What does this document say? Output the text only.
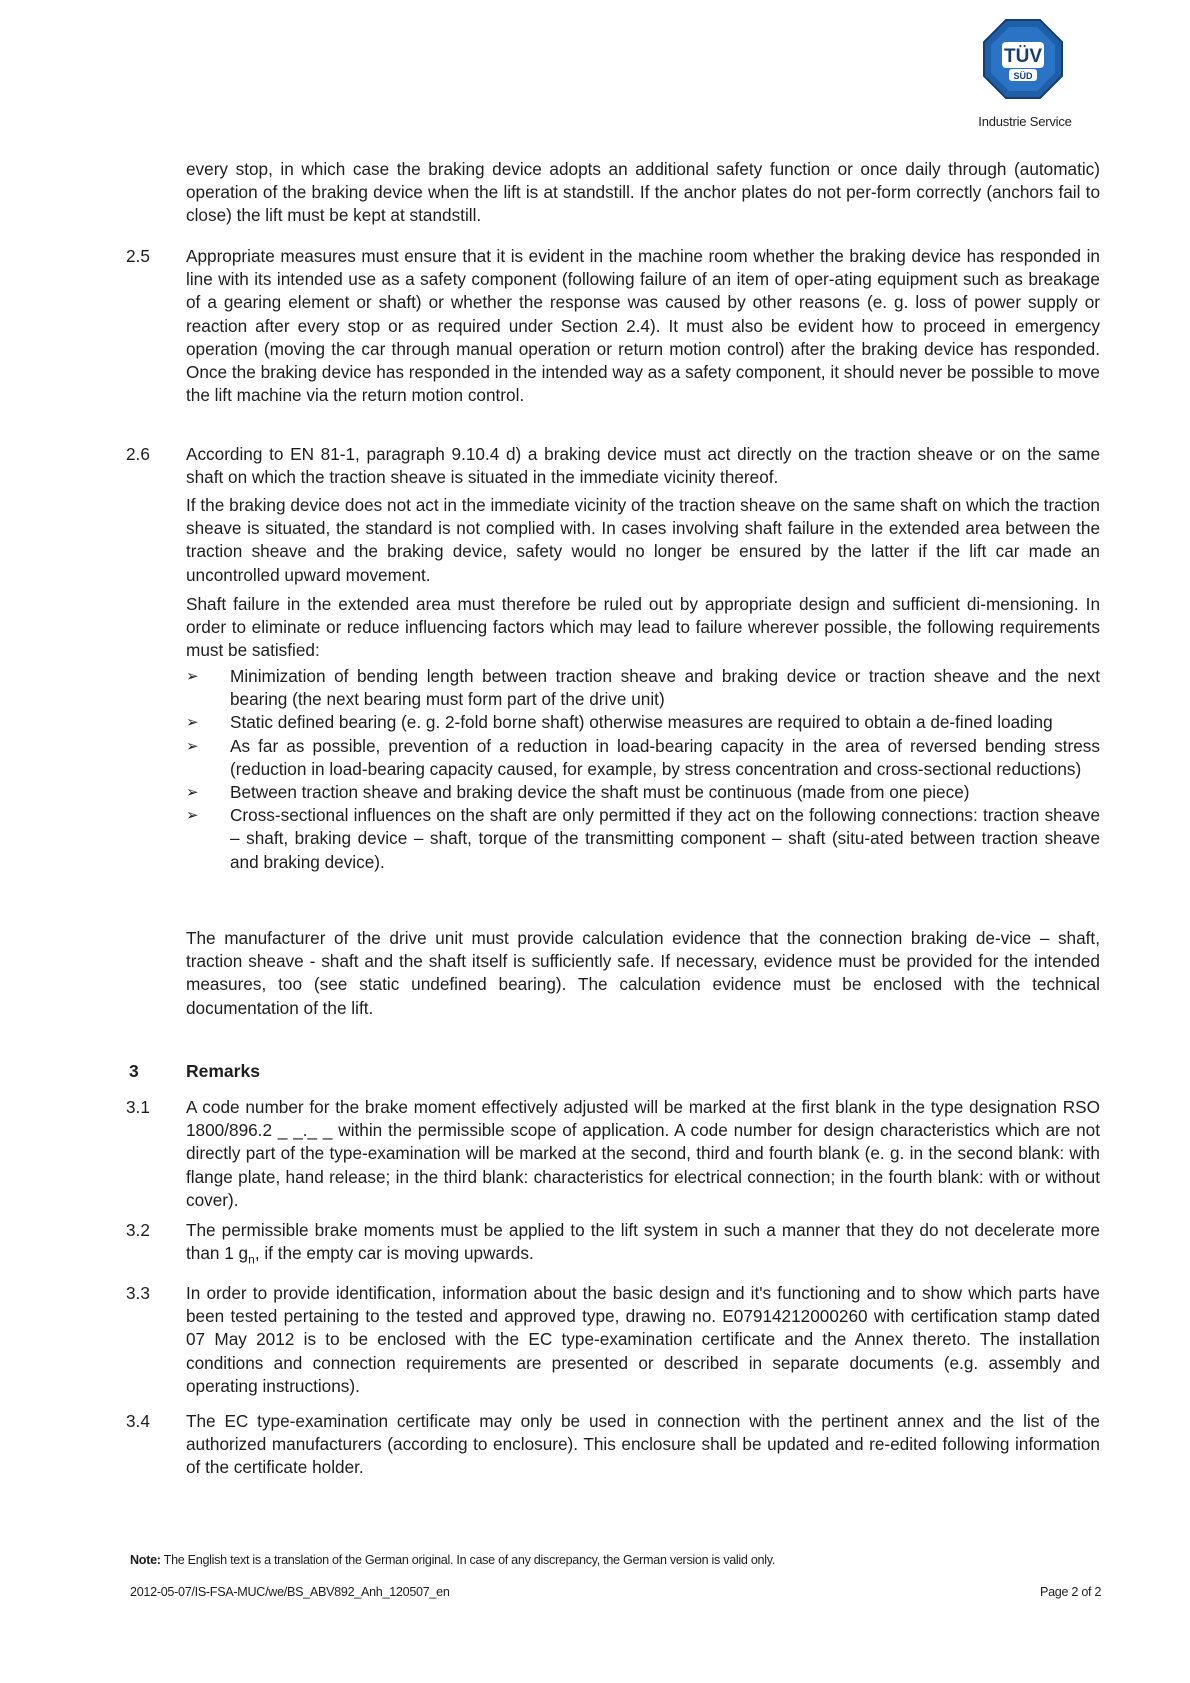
TÜV
SÜD
Industrie Service
every stop, in which case the braking device adopts an additional safety function or once daily through (automatic) operation of the braking device when the lift is at standstill. If the anchor plates do not per-form correctly (anchors fail to close) the lift must be kept at standstill.
2.5 Appropriate measures must ensure that it is evident in the machine room whether the braking device has responded in line with its intended use as a safety component (following failure of an item of oper-ating equipment such as breakage of a gearing element or shaft) or whether the response was caused by other reasons (e. g. loss of power supply or reaction after every stop or as required under Section 2.4). It must also be evident how to proceed in emergency operation (moving the car through manual operation or return motion control) after the braking device has responded. Once the braking device has responded in the intended way as a safety component, it should never be possible to move the lift machine via the return motion control.
2.6 According to EN 81-1, paragraph 9.10.4 d) a braking device must act directly on the traction sheave or on the same shaft on which the traction sheave is situated in the immediate vicinity thereof.
If the braking device does not act in the immediate vicinity of the traction sheave on the same shaft on which the traction sheave is situated, the standard is not complied with. In cases involving shaft failure in the extended area between the traction sheave and the braking device, safety would no longer be ensured by the latter if the lift car made an uncontrolled upward movement.
Shaft failure in the extended area must therefore be ruled out by appropriate design and sufficient di-mensioning. In order to eliminate or reduce influencing factors which may lead to failure wherever possible, the following requirements must be satisfied:
➢	Minimization of bending length between traction sheave and braking device or traction sheave and the next bearing (the next bearing must form part of the drive unit)
➢	Static defined bearing (e. g. 2-fold borne shaft) otherwise measures are required to obtain a de-fined loading
➢	As far as possible, prevention of a reduction in load-bearing capacity in the area of reversed bending stress (reduction in load-bearing capacity caused, for example, by stress concentration and cross-sectional reductions)
➢	Between traction sheave and braking device the shaft must be continuous (made from one piece)
➢	Cross-sectional influences on the shaft are only permitted if they act on the following connections: traction sheave – shaft, braking device – shaft, torque of the transmitting component – shaft (situ-ated between traction sheave and braking device).
The manufacturer of the drive unit must provide calculation evidence that the connection braking de-vice – shaft, traction sheave - shaft and the shaft itself is sufficiently safe. If necessary, evidence must be provided for the intended measures, too (see static undefined bearing). The calculation evidence must be enclosed with the technical documentation of the lift.
3	Remarks
3.1 A code number for the brake moment effectively adjusted will be marked at the first blank in the type designation RSO 1800/896.2 _ _._ _ within the permissible scope of application. A code number for design characteristics which are not directly part of the type-examination will be marked at the second, third and fourth blank (e. g. in the second blank: with flange plate, hand release; in the third blank: characteristics for electrical connection; in the fourth blank: with or without cover).
3.2 The permissible brake moments must be applied to the lift system in such a manner that they do not decelerate more than 1 $g_n$, if the empty car is moving upwards.
3.3 In order to provide identification, information about the basic design and it's functioning and to show which parts have been tested pertaining to the tested and approved type, drawing no. E07914212000260 with certification stamp dated 07 May 2012 is to be enclosed with the EC type-examination certificate and the Annex thereto. The installation conditions and connection requirements are presented or described in separate documents (e.g. assembly and operating instructions).
3.4 The EC type-examination certificate may only be used in connection with the pertinent annex and the list of the authorized manufacturers (according to enclosure). This enclosure shall be updated and re-edited following information of the certificate holder.
Note: The English text is a translation of the German original. In case of any discrepancy, the German version is valid only.
2012-05-07/IS-FSA-MUC/we/BS_ABV892_Anh_120507_en	Page 2 of 2
